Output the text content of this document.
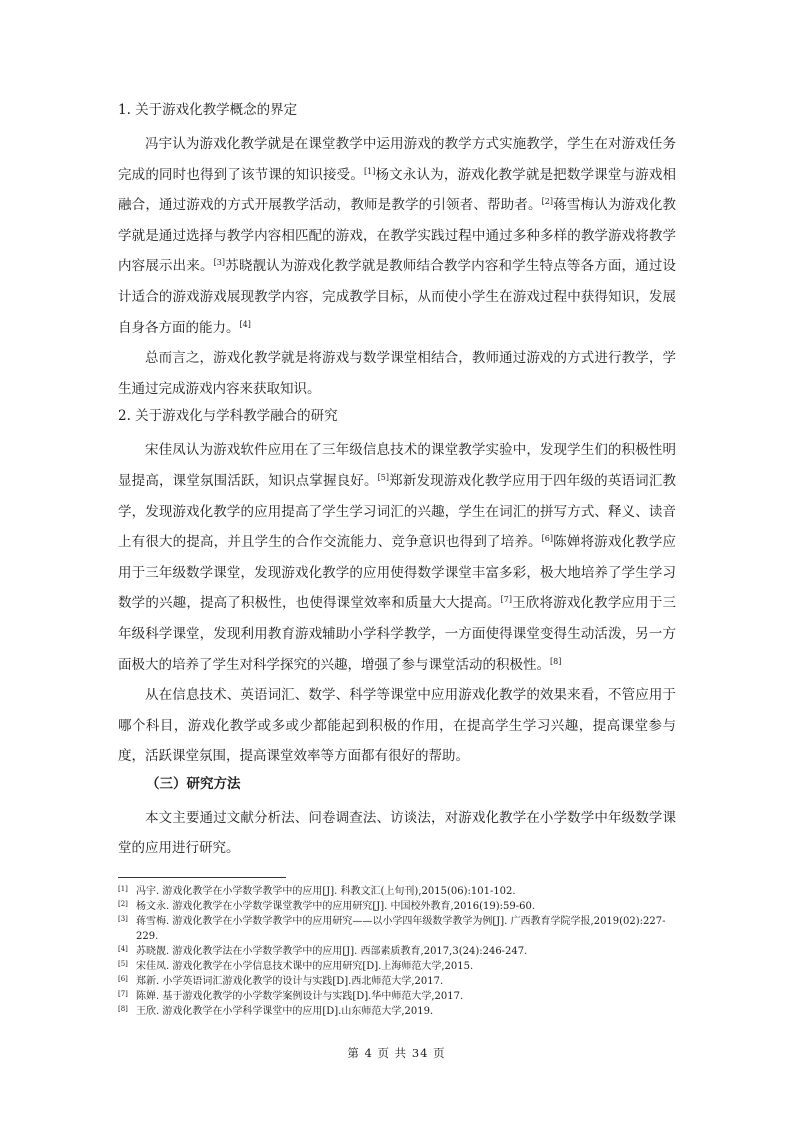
1. 关于游戏化教学概念的界定

冯宇认为游戏化教学就是在课堂教学中运用游戏的教学方式实施教学，学生在对游戏任务完成的同时也得到了该节课的知识接受。[1]杨文永认为，游戏化教学就是把数学课堂与游戏相融合，通过游戏的方式开展教学活动，教师是教学的引领者、帮助者。[2]蒋雪梅认为游戏化教学就是通过选择与教学内容相匹配的游戏，在教学实践过程中通过多种多样的教学游戏将教学内容展示出来。[3]苏晓靓认为游戏化教学就是教师结合教学内容和学生特点等各方面，通过设计适合的游戏游戏展现教学内容，完成教学目标，从而使小学生在游戏过程中获得知识，发展自身各方面的能力。[4]

总而言之，游戏化教学就是将游戏与数学课堂相结合，教师通过游戏的方式进行教学，学生通过完成游戏内容来获取知识。

2. 关于游戏化与学科教学融合的研究

宋佳凤认为游戏软件应用在了三年级信息技术的课堂教学实验中，发现学生们的积极性明显提高，课堂氛围活跃，知识点掌握良好。[5]郑新发现游戏化教学应用于四年级的英语词汇教学，发现游戏化教学的应用提高了学生学习词汇的兴趣，学生在词汇的拼写方式、释义、读音上有很大的提高，并且学生的合作交流能力、竞争意识也得到了培养。[6]陈婵将游戏化教学应用于三年级数学课堂，发现游戏化教学的应用使得数学课堂丰富多彩，极大地培养了学生学习数学的兴趣，提高了积极性，也使得课堂效率和质量大大提高。[7]王欣将游戏化教学应用于三年级科学课堂，发现利用教育游戏辅助小学科学教学，一方面使得课堂变得生动活泼，另一方面极大的培养了学生对科学探究的兴趣，增强了参与课堂活动的积极性。[8]

从在信息技术、英语词汇、数学、科学等课堂中应用游戏化教学的效果来看，不管应用于哪个科目，游戏化教学或多或少都能起到积极的作用，在提高学生学习兴趣，提高课堂参与度，活跃课堂氛围，提高课堂效率等方面都有很好的帮助。

（三）研究方法

本文主要通过文献分析法、问卷调查法、访谈法，对游戏化教学在小学数学中年级数学课堂的应用进行研究。

[1] 冯宇. 游戏化教学在小学数学教学中的应用[J]. 科教文汇(上旬刊),2015(06):101-102.
[2] 杨文永. 游戏化教学在小学数学课堂教学中的应用研究[J]. 中国校外教育,2016(19):59-60.
[3] 蒋雪梅. 游戏化教学在小学数学教学中的应用研究——以小学四年级数学教学为例[J]. 广西教育学院学报,2019(02):227-229.
[4] 苏晓靓. 游戏化教学法在小学数学教学中的应用[J]. 西部素质教育,2017,3(24):246-247.
[5] 宋佳凤. 游戏化教学在小学信息技术课中的应用研究[D].上海师范大学,2015.
[6] 郑新. 小学英语词汇游戏化教学的设计与实践[D].西北师范大学,2017.
[7] 陈婵. 基于游戏化教学的小学数学案例设计与实践[D].华中师范大学,2017.
[8] 王欣. 游戏化教学在小学科学课堂中的应用[D].山东师范大学,2019.
第 4 页 共 34 页
